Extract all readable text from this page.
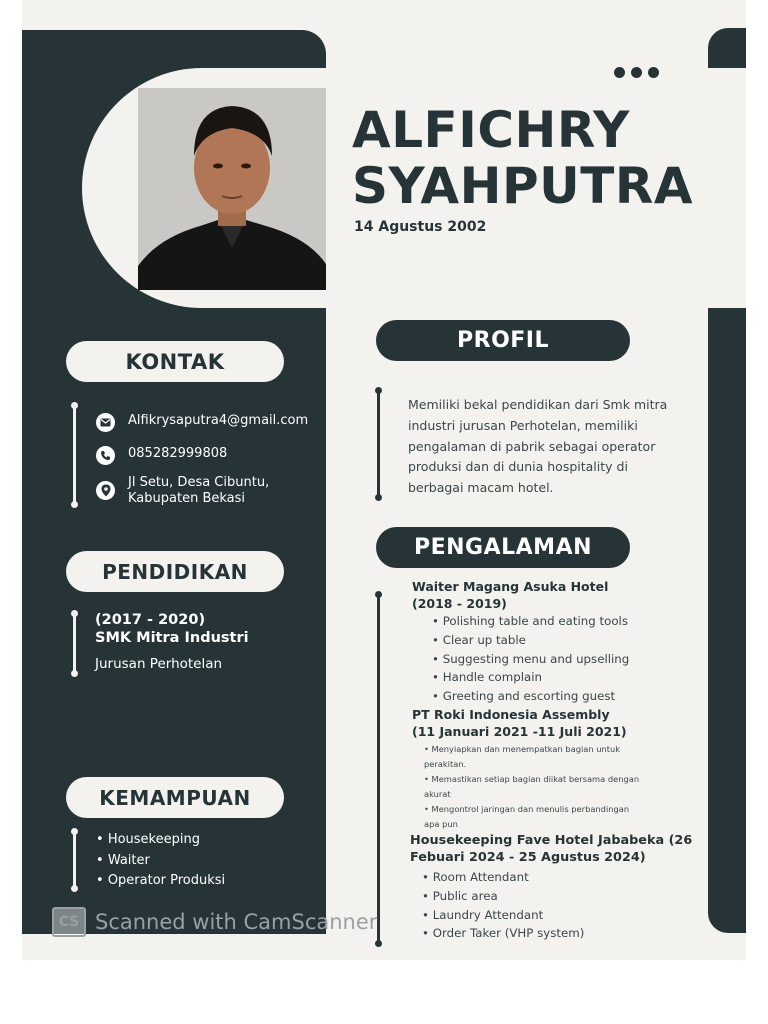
ALFICHRY
SYAHPUTRA
14 Agustus 2002
KONTAK
Alfikrysaputra4@gmail.com
085282999808
Jl Setu, Desa Cibuntu,
Kabupaten Bekasi
PENDIDIKAN
(2017 - 2020)
SMK Mitra Industri
Jurusan Perhotelan
KEMAMPUAN
• Housekeeping
• Waiter
• Operator Produksi
PROFIL
Memiliki bekal pendidikan dari Smk mitra industri jurusan Perhotelan, memiliki pengalaman di pabrik sebagai operator produksi dan di dunia hospitality di berbagai macam hotel.
PENGALAMAN
Waiter Magang Asuka Hotel
(2018 - 2019)
• Polishing table and eating tools
• Clear up table
• Suggesting menu and upselling
• Handle complain
• Greeting and escorting guest
PT Roki Indonesia Assembly
(11 Januari 2021 -11 Juli 2021)
• Menyiapkan dan menempatkan bagian untuk perakitan.
• Memastikan setiap bagian diikat bersama dengan akurat
• Mengontrol jaringan dan menulis perbandingan apa pun
Housekeeping Fave Hotel Jababeka (26
Febuari 2024 - 25 Agustus 2024)
• Room Attendant
• Public area
• Laundry Attendant
• Order Taker (VHP system)
CS Scanned with CamScanner
